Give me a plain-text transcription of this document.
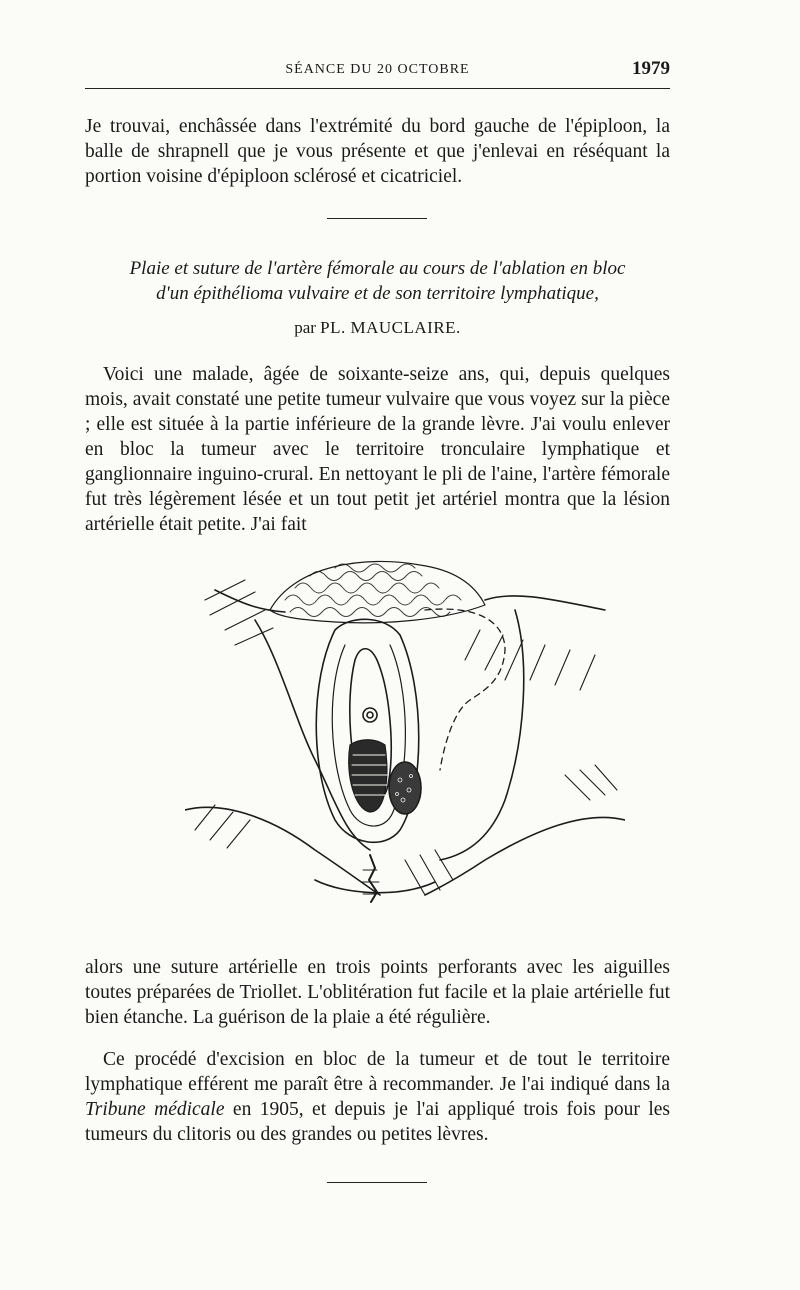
SÉANCE DU 20 OCTOBRE	1979

Je trouvai, enchâssée dans l'extrémité du bord gauche de l'épiploon, la balle de shrapnell que je vous présente et que j'enlevai en réséquant la portion voisine d'épiploon sclérosé et cicatriciel.

Plaie et suture de l'artère fémorale au cours de l'ablation en bloc
d'un épithélioma vulvaire et de son territoire lymphatique,
par PL. MAUCLAIRE.

Voici une malade, âgée de soixante-seize ans, qui, depuis quelques mois, avait constaté une petite tumeur vulvaire que vous voyez sur la pièce ; elle est située à la partie inférieure de la grande lèvre. J'ai voulu enlever en bloc la tumeur avec le territoire tronculaire lymphatique et ganglionnaire inguino-crural. En nettoyant le pli de l'aine, l'artère fémorale fut très légèrement lésée et un tout petit jet artériel montra que la lésion artérielle était petite. J'ai fait

alors une suture artérielle en trois points perforants avec les aiguilles toutes préparées de Triollet. L'oblitération fut facile et la plaie artérielle fut bien étanche. La guérison de la plaie a été régulière.

Ce procédé d'excision en bloc de la tumeur et de tout le territoire lymphatique efférent me paraît être à recommander. Je l'ai indiqué dans la Tribune médicale en 1905, et depuis je l'ai appliqué trois fois pour les tumeurs du clitoris ou des grandes ou petites lèvres.
